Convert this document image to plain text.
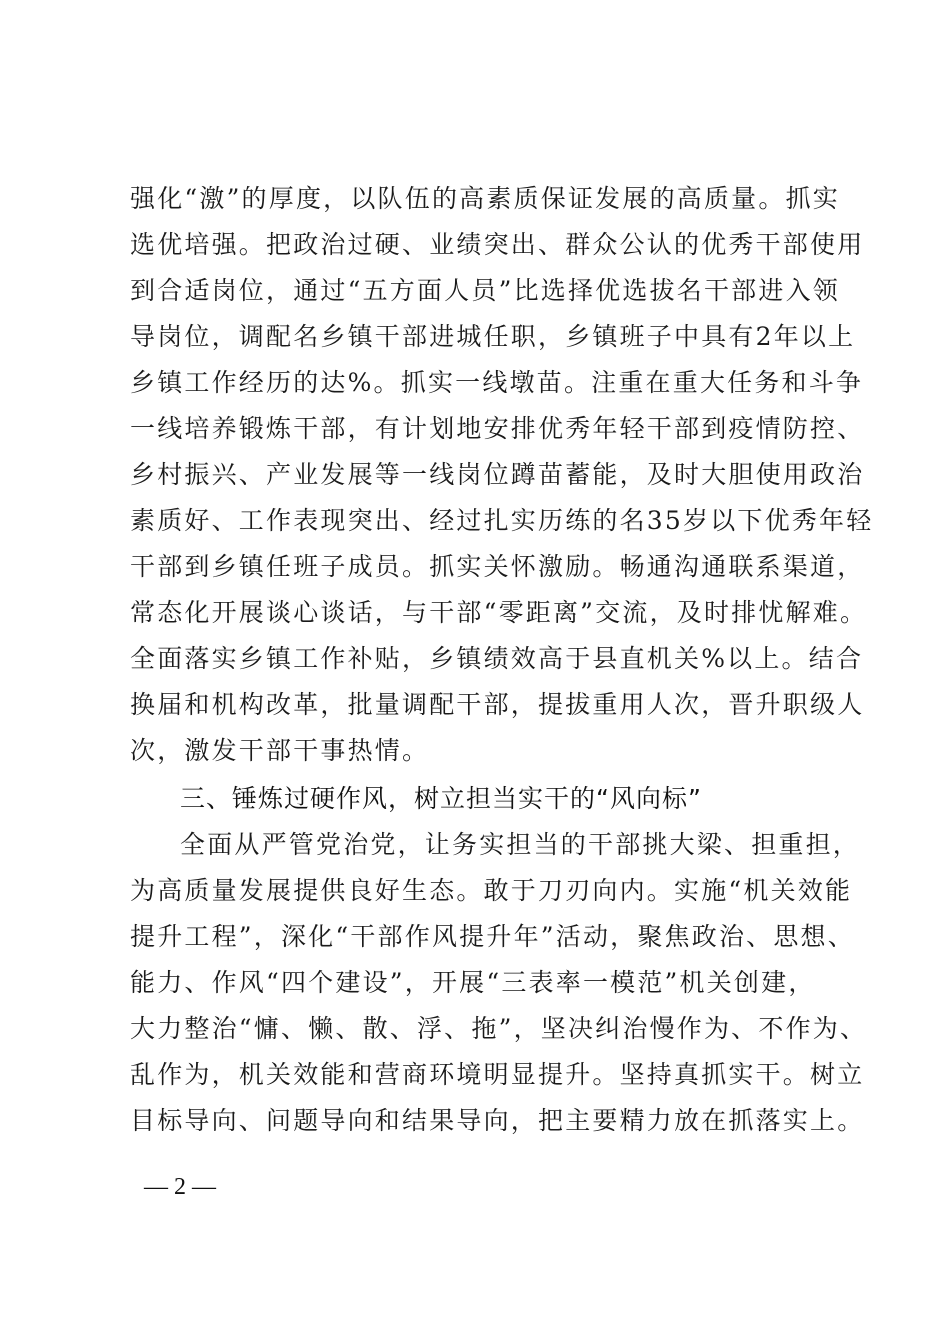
强化“激”的厚度，以队伍的高素质保证发展的高质量。抓实
选优培强。把政治过硬、业绩突出、群众公认的优秀干部使用
到合适岗位，通过“五方面人员”比选择优选拔名干部进入领
导岗位，调配名乡镇干部进城任职，乡镇班子中具有2年以上
乡镇工作经历的达%。抓实一线墩苗。注重在重大任务和斗争
一线培养锻炼干部，有计划地安排优秀年轻干部到疫情防控、
乡村振兴、产业发展等一线岗位蹲苗蓄能，及时大胆使用政治
素质好、工作表现突出、经过扎实历练的名35岁以下优秀年轻
干部到乡镇任班子成员。抓实关怀激励。畅通沟通联系渠道，
常态化开展谈心谈话，与干部“零距离”交流，及时排忧解难。
全面落实乡镇工作补贴，乡镇绩效高于县直机关%以上。结合
换届和机构改革，批量调配干部，提拔重用人次，晋升职级人
次，激发干部干事热情。
三、锤炼过硬作风，树立担当实干的“风向标”
全面从严管党治党，让务实担当的干部挑大梁、担重担，
为高质量发展提供良好生态。敢于刀刃向内。实施“机关效能
提升工程”，深化“干部作风提升年”活动，聚焦政治、思想、
能力、作风“四个建设”，开展“三表率一模范”机关创建，
大力整治“慵、懒、散、浮、拖”，坚决纠治慢作为、不作为、
乱作为，机关效能和营商环境明显提升。坚持真抓实干。树立
目标导向、问题导向和结果导向，把主要精力放在抓落实上。
— 2 —
